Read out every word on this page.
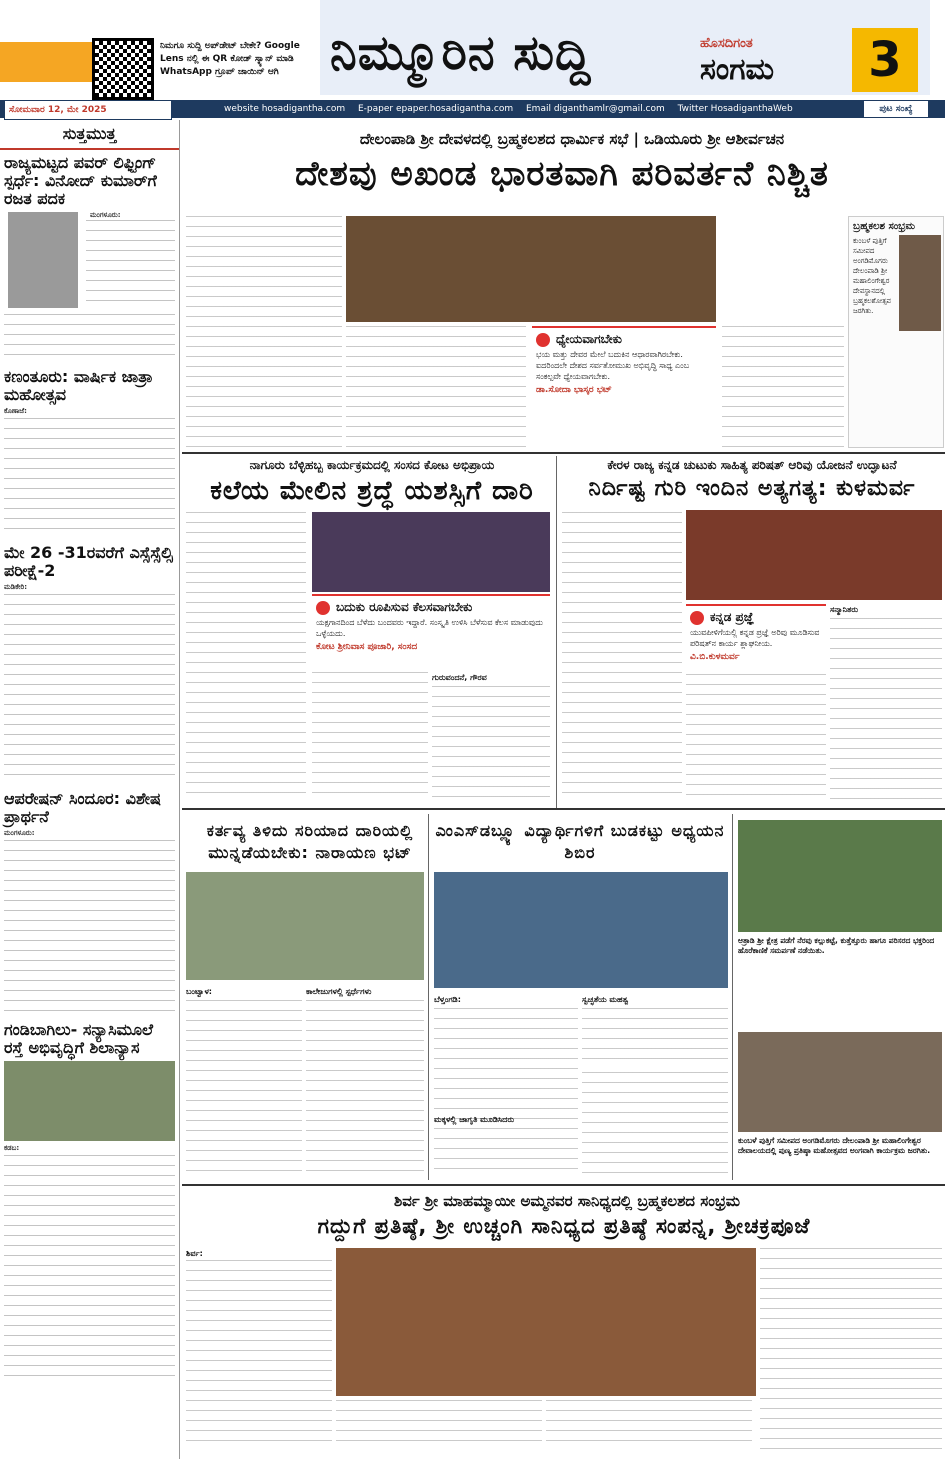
ನಿಮಗೂ ಸುದ್ದಿ ಅಪ್‌ಡೇಟ್ ಬೇಕೇ? Google Lens ನಲ್ಲಿ ಈ QR ಕೋಡ್ ಸ್ಕ್ಯಾನ್ ಮಾಡಿ WhatsApp ಗ್ರೂಪ್ ಜಾಯಿನ್ ಆಗಿ	ನಿಮ್ಮೂರಿನ ಸುದ್ದಿ	ಹೊಸದಿಗಂತ
ಸಂಗಮ	3
ಸೋಮವಾರ 12, ಮೇ 2025	website hosadigantha.com E-paper epaper.hosadigantha.com Email diganthamlr@gmail.com Twitter HosadiganthaWeb	ಪುಟ ಸಂಖ್ಯೆ
ಸುತ್ತಮುತ್ತ
ರಾಜ್ಯಮಟ್ಟದ ಪವರ್ ಲಿಫ್ಟಿಂಗ್ ಸ್ಪರ್ಧೆ: ವಿನೋದ್ ಕುಮಾರ್‌ಗೆ ರಜತ ಪದಕ
ಮಂಗಳೂರು:
ಕಣಂತೂರು: ವಾರ್ಷಿಕ ಜಾತ್ರಾ ಮಹೋತ್ಸವ
ಕೊಣಾಜೆ:
ಮೇ 26 -31ರವರೆಗೆ ಎಸ್ಸೆಸ್ಸೆಲ್ಸಿ ಪರೀಕ್ಷೆ-2
ಮಡಿಕೇರಿ:
ಆಪರೇಷನ್ ಸಿಂದೂರ: ವಿಶೇಷ ಪ್ರಾರ್ಥನೆ
ಮಂಗಳೂರು:
ಗಂಡಿಬಾಗಿಲು- ಸನ್ಯಾಸಿಮೂಲೆ ರಸ್ತೆ ಅಭಿವೃದ್ಧಿಗೆ ಶಿಲಾನ್ಯಾಸ
ಕಡಬ:
ದೇಲಂಪಾಡಿ ಶ್ರೀ ದೇವಳದಲ್ಲಿ ಬ್ರಹ್ಮಕಲಶದ ಧಾರ್ಮಿಕ ಸಭೆ | ಒಡಿಯೂರು ಶ್ರೀ ಆಶೀರ್ವಚನ
ದೇಶವು ಅಖಂಡ ಭಾರತವಾಗಿ ಪರಿವರ್ತನೆ ನಿಶ್ಚಿತ
ಧ್ಯೇಯವಾಗಬೇಕು
ಭಯ ಮತ್ತು ದೇವರ ಮೇಲೆ ಬದುಕಿನ ಆಧಾರವಾಗಿರಬೇಕು. ಐದರಿಂದಲೇ ದೇಶದ ಸರ್ವತೋಮುಖ ಅಭಿವೃದ್ಧಿ ಸಾಧ್ಯ ಎಂಬ ಸಂಕಲ್ಪವೇ ಧ್ಯೇಯವಾಗಬೇಕು.
ಡಾ.ಸೋದಾ ಭಾಸ್ಕರ ಭಟ್
ಬ್ರಹ್ಮಕಲಶ ಸಂಭ್ರಮ
ಕುಂಬಳೆ ಪುತ್ತಿಗೆ ಸಮೀಪದ ಅಂಗಡಿಮೊಗರು ದೇಲಂಪಾಡಿ ಶ್ರೀ ಮಹಾಲಿಂಗೇಶ್ವರ ದೇವಸ್ಥಾನದಲ್ಲಿ ಬ್ರಹ್ಮಕಲಶೋತ್ಸವ ಜರಗಿತು.
ನಾಗೂರು ಬೆಳ್ಳಿಹಬ್ಬ ಕಾರ್ಯಕ್ರಮದಲ್ಲಿ ಸಂಸದ ಕೋಟ ಅಭಿಪ್ರಾಯ
ಕಲೆಯ ಮೇಲಿನ ಶ್ರದ್ಧೆ ಯಶಸ್ಸಿಗೆ ದಾರಿ
ಬದುಕು ರೂಪಿಸುವ ಕೆಲಸವಾಗಬೇಕು
ಯಕ್ಷಗಾನದಿಂದ ಬೆಳೆದು ಬಂದವರು ಇದ್ದಾರೆ. ಸಂಸ್ಕೃತಿ ಉಳಿಸಿ ಬೆಳೆಸುವ ಕೆಲಸ ಮಾಡುವುದು ಒಳ್ಳೆಯದು.
ಕೋಟ ಶ್ರೀನಿವಾಸ ಪೂಜಾರಿ, ಸಂಸದ
ಗುರುವಂದನೆ, ಗೌರವ
ಕೇರಳ ರಾಜ್ಯ ಕನ್ನಡ ಚುಟುಕು ಸಾಹಿತ್ಯ ಪರಿಷತ್ ಆರಿವು ಯೋಜನೆ ಉದ್ಘಾಟನೆ
ನಿರ್ದಿಷ್ಟ ಗುರಿ ಇಂದಿನ ಅತ್ಯಗತ್ಯ: ಕುಳಮರ್ವ
ಕನ್ನಡ ಪ್ರಜ್ಞೆ
ಯುವಪೀಳಿಗೆಯಲ್ಲಿ ಕನ್ನಡ ಪ್ರಜ್ಞೆ ಅರಿವು ಮೂಡಿಸುವ ಪರಿಷತ್‌ನ ಕಾರ್ಯ ಶ್ಲಾಘನೀಯ.
ವಿ.ಬಿ.ಕುಳಮರ್ವ
ಸನ್ಮಾನಿತರು
ಕರ್ತವ್ಯ ತಿಳಿದು ಸರಿಯಾದ ದಾರಿಯಲ್ಲಿ ಮುನ್ನಡೆಯಬೇಕು: ನಾರಾಯಣ ಭಟ್
ಬಂಟ್ವಾಳ:	ಕಾಲೇಜುಗಳಲ್ಲಿ ಸ್ಪರ್ಧೆಗಳು
ಎಂಎಸ್‌ಡಬ್ಲ್ಯೂ ವಿದ್ಯಾರ್ಥಿಗಳಿಗೆ ಬುಡಕಟ್ಟು ಅಧ್ಯಯನ ಶಿಬಿರ
ಬೆಳ್ತಂಗಡಿ:	ಸ್ವಚ್ಛತೆಯ ಮಹತ್ವ
ಮಕ್ಕಳಲ್ಲಿ ಜಾಗೃತಿ ಮೂಡಿಸಿದರು
ಆತ್ರಾಡಿ ಶ್ರೀ ಕ್ಷೇತ್ರ ಪಡೆಗೆ ನೆರವು ಕಲ್ಲುಕಟ್ಟೆ, ಕುತ್ತೆತ್ತೂರು ಹಾಗೂ ಪರಿಸರದ ಭಕ್ತರಿಂದ ಹೊರೆಕಾಣಿಕೆ ಸಮರ್ಪಣೆ ನಡೆಯಿತು.
ಕುಂಬಳೆ ಪುತ್ತಿಗೆ ಸಮೀಪದ ಅಂಗಡಿಮೊಗರು ದೇಲಂಪಾಡಿ ಶ್ರೀ ಮಹಾಲಿಂಗೇಶ್ವರ ದೇವಾಲಯದಲ್ಲಿ ಪುಣ್ಯ ಪ್ರತಿಷ್ಠಾ ಮಹೋತ್ಸವದ ಅಂಗವಾಗಿ ಕಾರ್ಯಕ್ರಮ ಜರಗಿತು.
ಶಿರ್ವ ಶ್ರೀ ಮಾಹಮ್ಮಾಯೀ ಅಮ್ಮನವರ ಸಾನಿಧ್ಯದಲ್ಲಿ ಬ್ರಹ್ಮಕಲಶದ ಸಂಭ್ರಮ
ಗದ್ದುಗೆ ಪ್ರತಿಷ್ಠೆ, ಶ್ರೀ ಉಚ್ಚಂಗಿ ಸಾನಿಧ್ಯದ ಪ್ರತಿಷ್ಠೆ ಸಂಪನ್ನ, ಶ್ರೀಚಕ್ರಪೂಜೆ
ಶಿರ್ವ:
